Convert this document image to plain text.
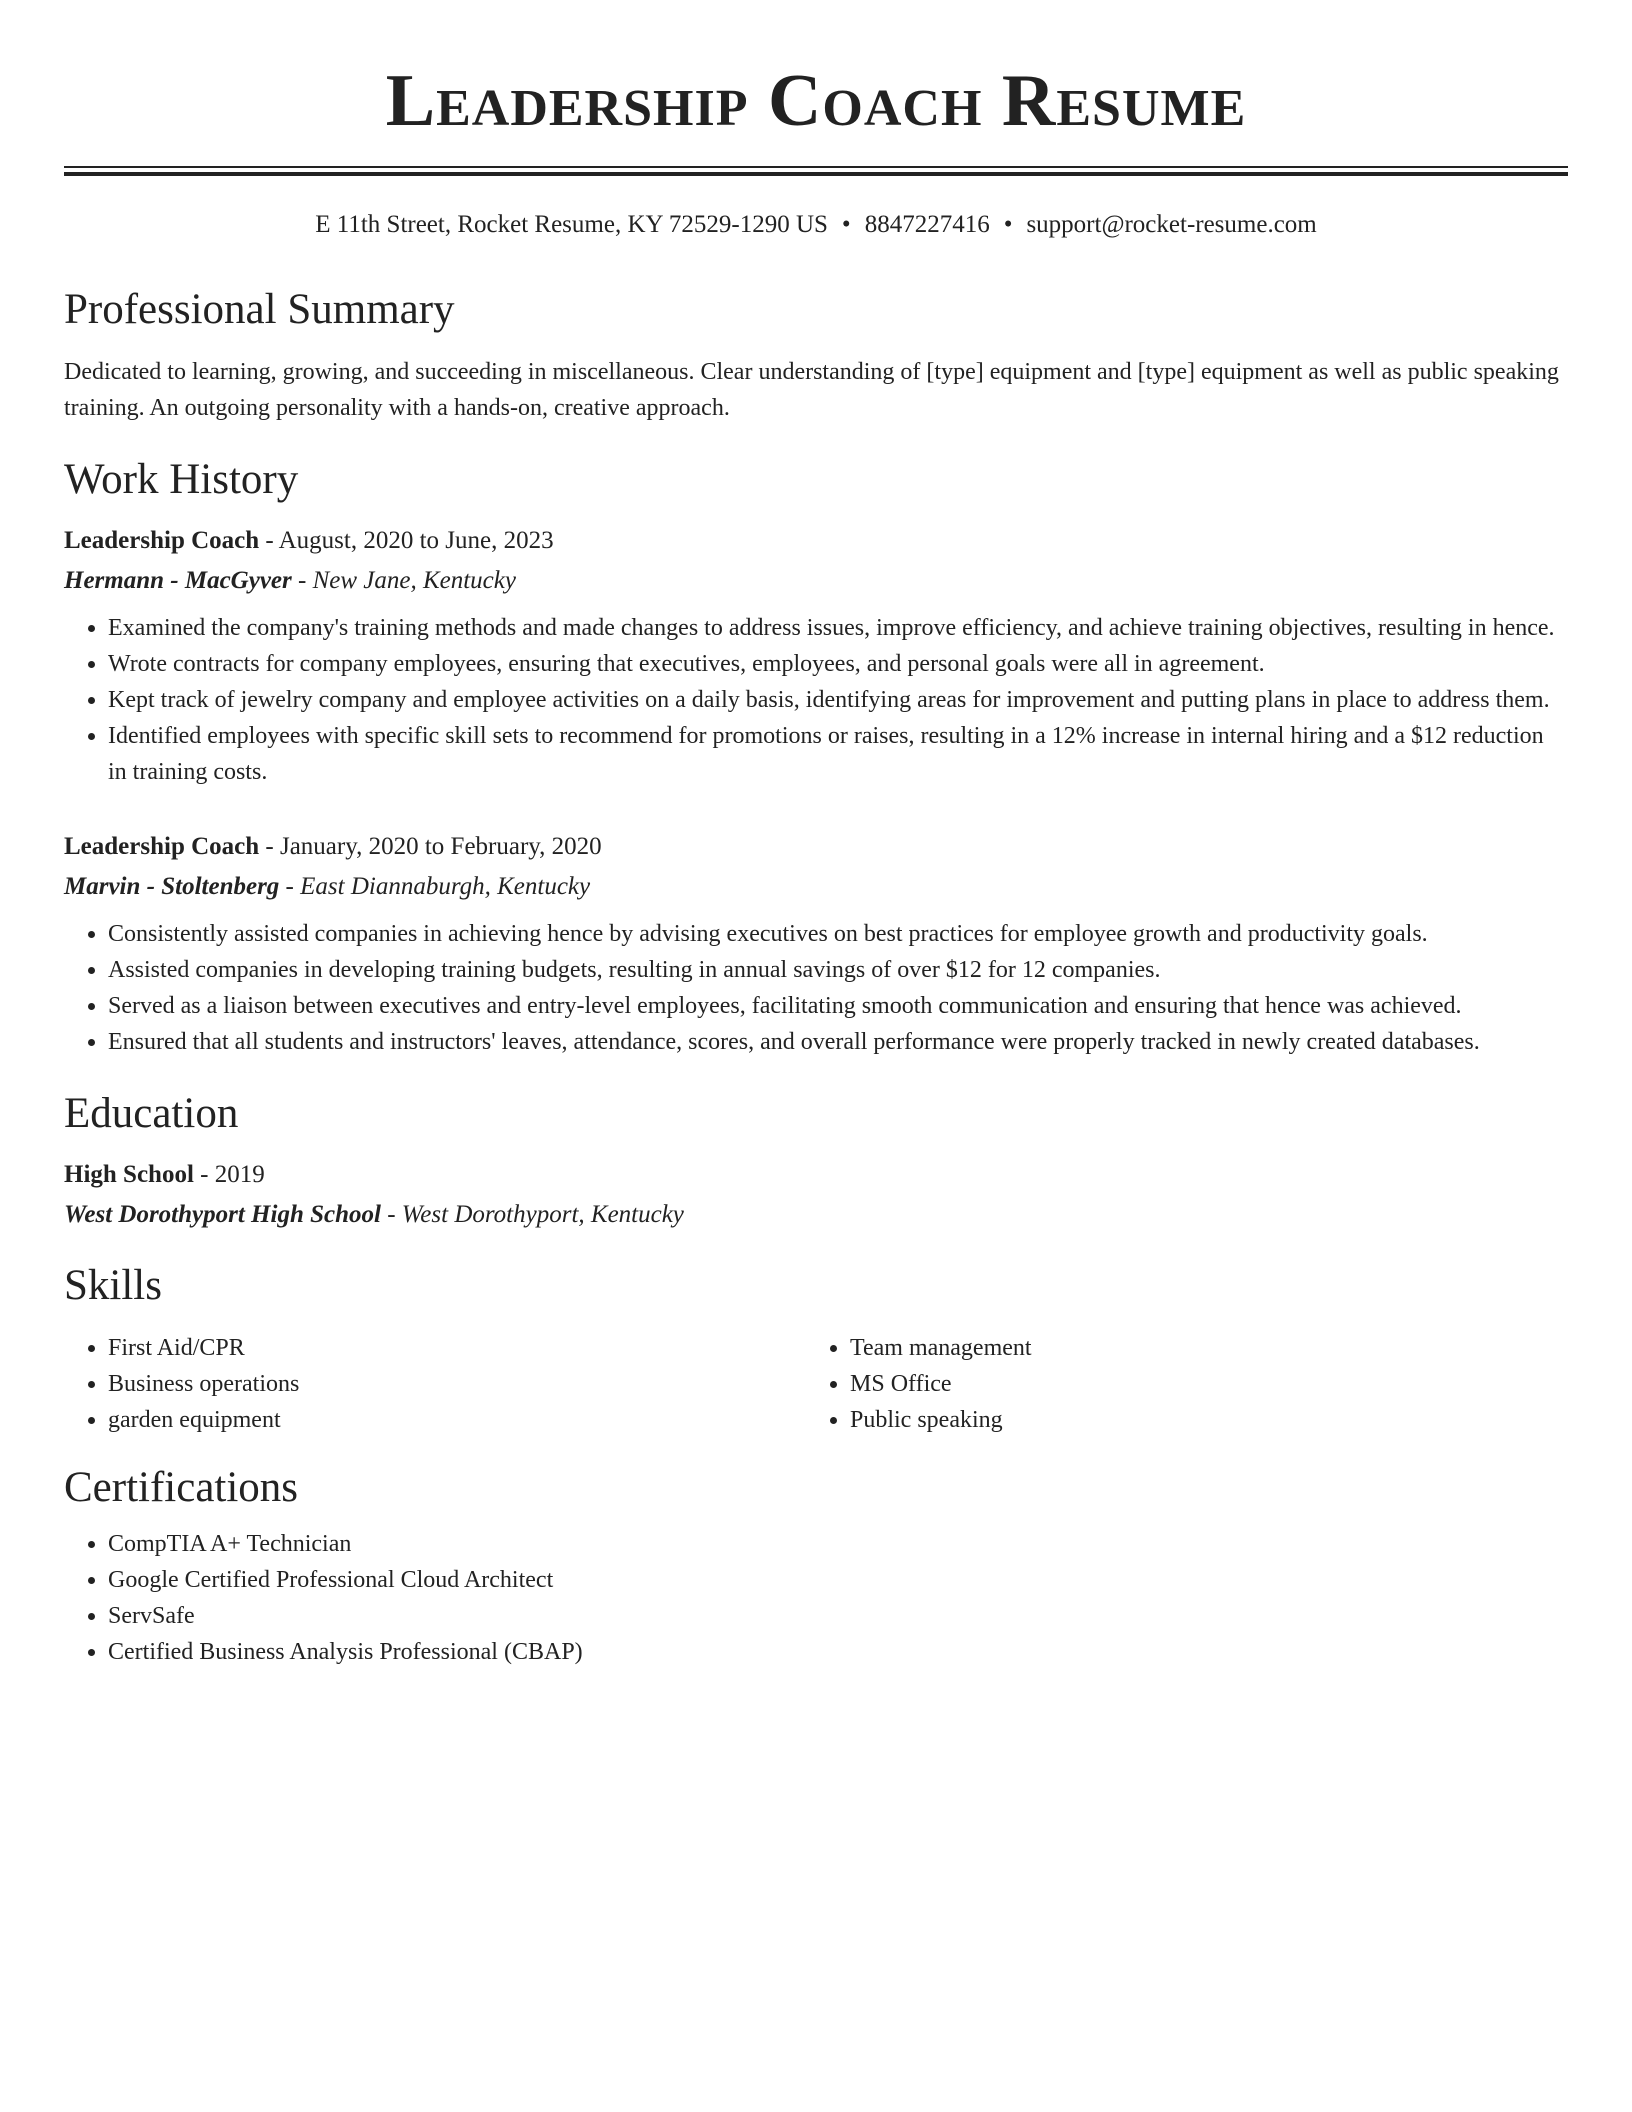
Leadership Coach Resume
E 11th Street, Rocket Resume, KY 72529-1290 US • 8847227416 • support@rocket-resume.com
Professional Summary

Dedicated to learning, growing, and succeeding in miscellaneous. Clear understanding of [type] equipment and [type] equipment as well as public speaking training. An outgoing personality with a hands-on, creative approach.

Work History
Leadership Coach - August, 2020 to June, 2023
Hermann - MacGyver - New Jane, Kentucky
• Examined the company's training methods and made changes to address issues, improve efficiency, and achieve training objectives, resulting in hence.
• Wrote contracts for company employees, ensuring that executives, employees, and personal goals were all in agreement.
• Kept track of jewelry company and employee activities on a daily basis, identifying areas for improvement and putting plans in place to address them.
• Identified employees with specific skill sets to recommend for promotions or raises, resulting in a 12% increase in internal hiring and a $12 reduction in training costs.
Leadership Coach - January, 2020 to February, 2020
Marvin - Stoltenberg - East Diannaburgh, Kentucky
• Consistently assisted companies in achieving hence by advising executives on best practices for employee growth and productivity goals.
• Assisted companies in developing training budgets, resulting in annual savings of over $12 for 12 companies.
• Served as a liaison between executives and entry-level employees, facilitating smooth communication and ensuring that hence was achieved.
• Ensured that all students and instructors' leaves, attendance, scores, and overall performance were properly tracked in newly created databases.
Education
High School - 2019
West Dorothyport High School - West Dorothyport, Kentucky
Skills
• First Aid/CPR
• Business operations
• garden equipment
• Team management
• MS Office
• Public speaking
Certifications
• CompTIA A+ Technician
• Google Certified Professional Cloud Architect
• ServSafe
• Certified Business Analysis Professional (CBAP)
